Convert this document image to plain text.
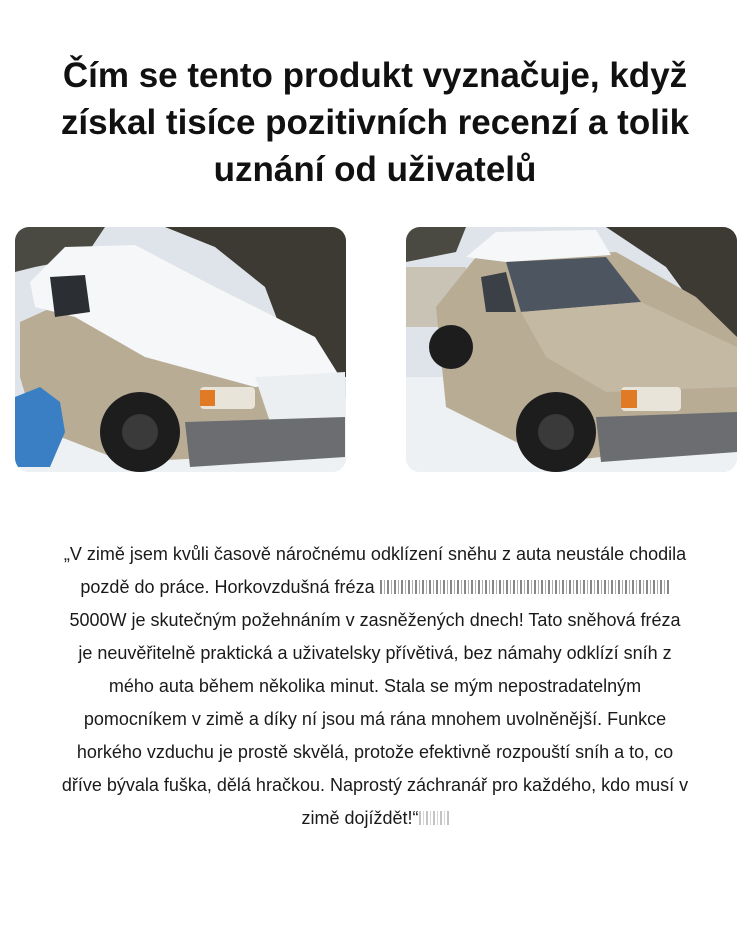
Čím se tento produkt vyznačuje, když získal tisíce pozitivních recenzí a tolik uznání od uživatelů

„V zimě jsem kvůli časově náročnému odklízení sněhu z auta neustále chodila pozdě do práce. Horkovzdušná fréza 5000W je skutečným požehnáním v zasněžených dnech! Tato sněhová fréza je neuvěřitelně praktická a uživatelsky přívětivá, bez námahy odklízí sníh z mého auta během několika minut. Stala se mým nepostradatelným pomocníkem v zimě a díky ní jsou má rána mnohem uvolněnější. Funkce horkého vzduchu je prostě skvělá, protože efektivně rozpouští sníh a to, co dříve bývala fuška, dělá hračkou. Naprostý záchranář pro každého, kdo musí v zimě dojíždět!“
